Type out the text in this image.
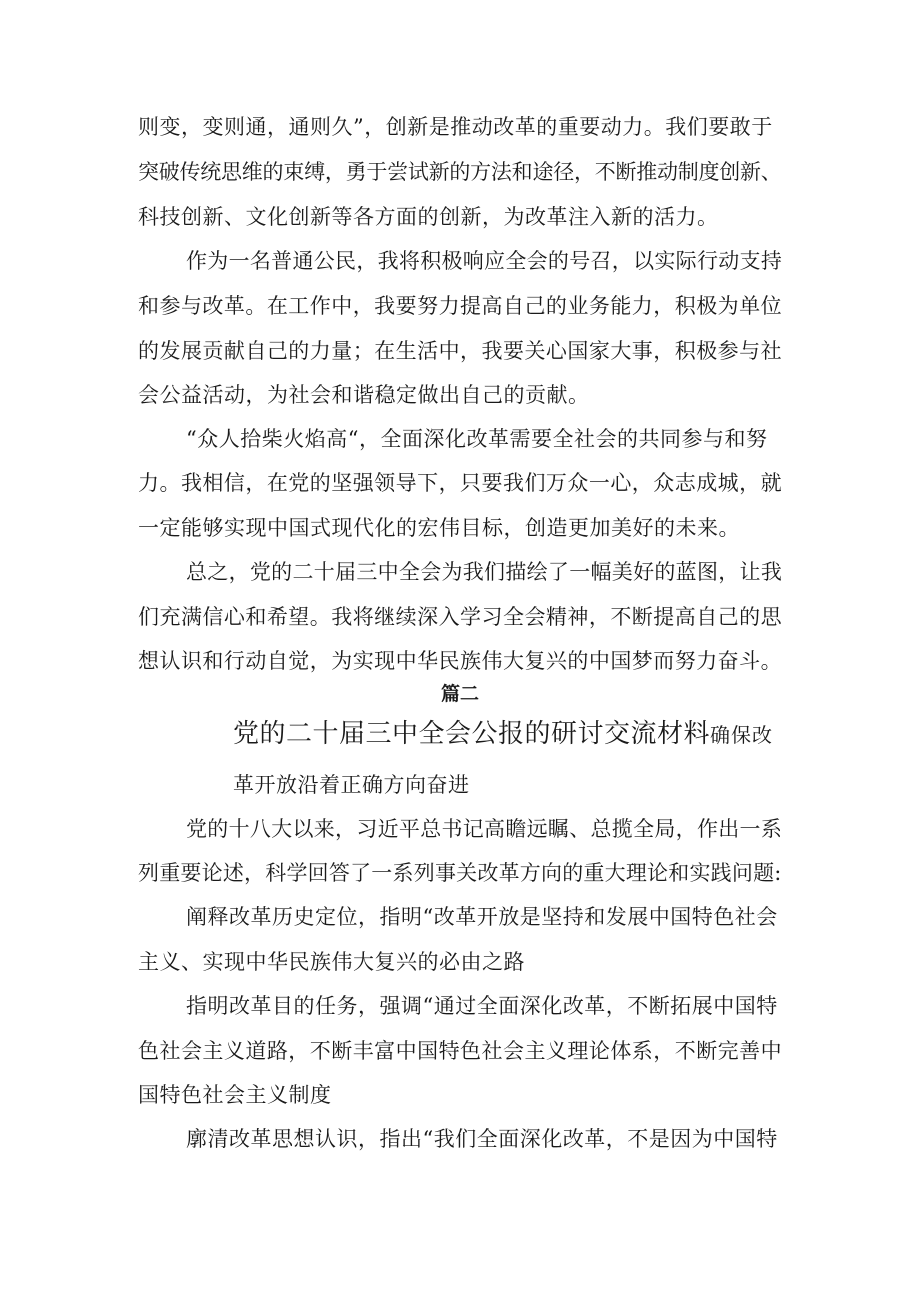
则变，变则通，通则久”，创新是推动改革的重要动力。我们要敢于
突破传统思维的束缚，勇于尝试新的方法和途径，不断推动制度创新、
科技创新、文化创新等各方面的创新，为改革注入新的活力。
作为一名普通公民，我将积极响应全会的号召，以实际行动支持
和参与改革。在工作中，我要努力提高自己的业务能力，积极为单位
的发展贡献自己的力量；在生活中，我要关心国家大事，积极参与社
会公益活动，为社会和谐稳定做出自己的贡献。
“众人拾柴火焰高“，全面深化改革需要全社会的共同参与和努
力。我相信，在党的坚强领导下，只要我们万众一心，众志成城，就
一定能够实现中国式现代化的宏伟目标，创造更加美好的未来。
总之，党的二十届三中全会为我们描绘了一幅美好的蓝图，让我
们充满信心和希望。我将继续深入学习全会精神，不断提高自己的思
想认识和行动自觉，为实现中华民族伟大复兴的中国梦而努力奋斗。
篇二
党的二十届三中全会公报的研讨交流材料确保改
革开放沿着正确方向奋进
党的十八大以来，习近平总书记高瞻远瞩、总揽全局，作出一系
列重要论述，科学回答了一系列事关改革方向的重大理论和实践问题:
阐释改革历史定位，指明“改革开放是坚持和发展中国特色社会
主义、实现中华民族伟大复兴的必由之路
指明改革目的任务，强调“通过全面深化改革，不断拓展中国特
色社会主义道路，不断丰富中国特色社会主义理论体系，不断完善中
国特色社会主义制度
廓清改革思想认识，指出“我们全面深化改革，不是因为中国特
